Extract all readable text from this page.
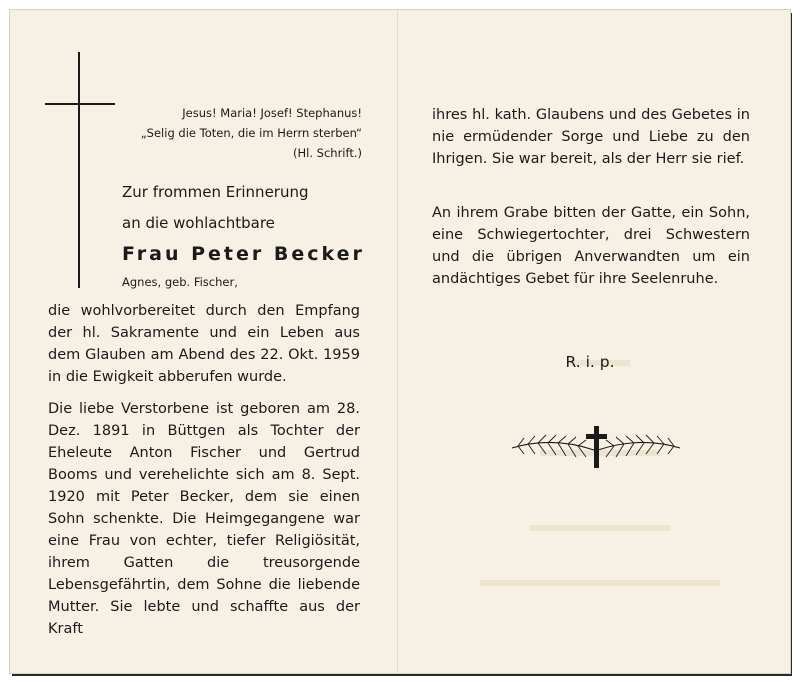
Jesus! Maria! Josef! Stephanus!
„Selig die Toten, die im Herrn sterben“
(Hl. Schrift.)
Zur frommen Erinnerung
an die wohlachtbare
Frau Peter Becker
Agnes, geb. Fischer,
die wohlvorbereitet durch den Empfang der hl. Sakramente und ein Leben aus dem Glauben am Abend des 22. Okt. 1959 in die Ewigkeit abberufen wurde.
Die liebe Verstorbene ist geboren am 28. Dez. 1891 in Büttgen als Tochter der Eheleute Anton Fischer und Gertrud Booms und verehelichte sich am 8. Sept. 1920 mit Peter Becker, dem sie einen Sohn schenkte. Die Heimgegangene war eine Frau von echter, tiefer Religiösität, ihrem Gatten die treusorgende Lebensgefährtin, dem Sohne die liebende Mutter. Sie lebte und schaffte aus der Kraft
ihres hl. kath. Glaubens und des Gebetes in nie ermüdender Sorge und Liebe zu den Ihrigen. Sie war bereit, als der Herr sie rief.
An ihrem Grabe bitten der Gatte, ein Sohn, eine Schwiegertochter, drei Schwestern und die übrigen Anverwandten um ein andächtiges Gebet für ihre Seelenruhe.
R. i. p.
